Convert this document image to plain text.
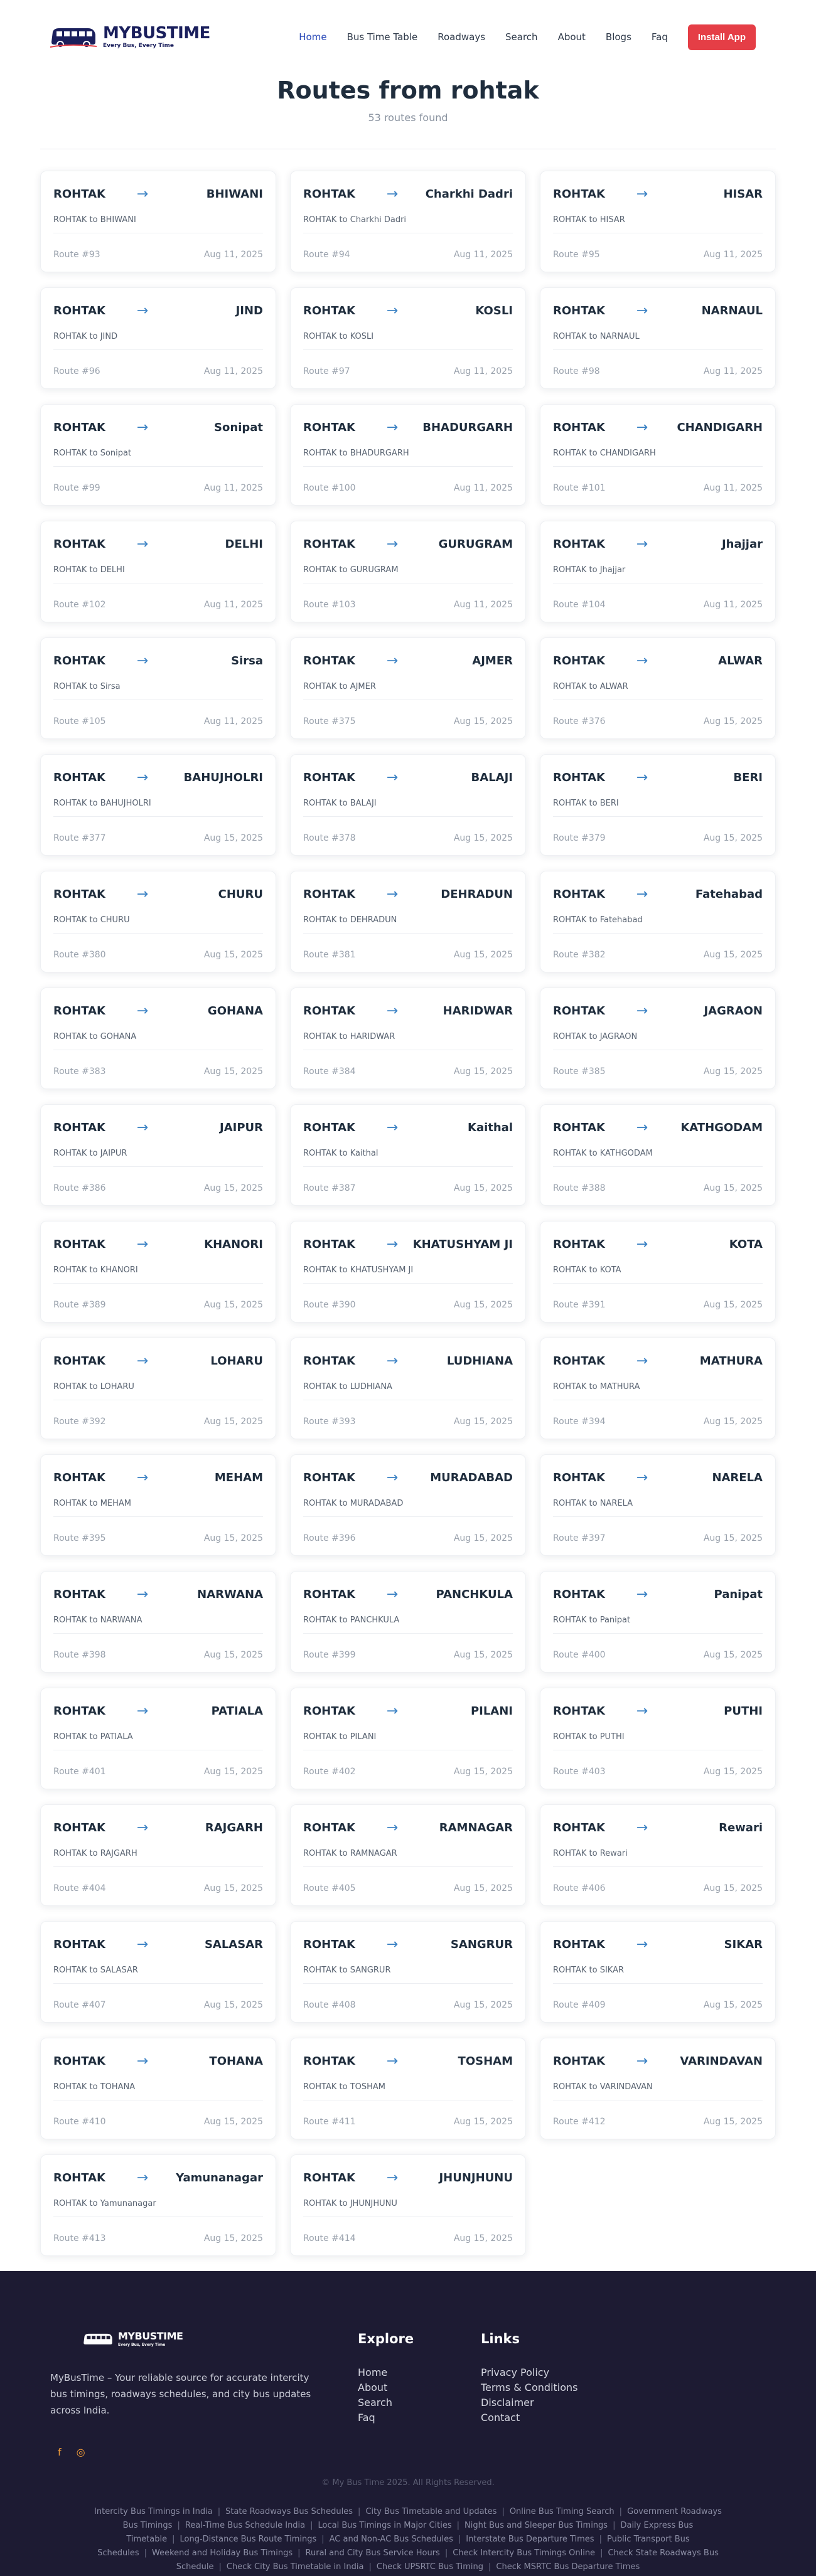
MYBUSTIME
Every Bus, Every Time
Home Bus Time Table Roadways Search About Blogs Faq	Install App
Routes from rohtak

53 routes found

ROHTAK	→	BHIWANI
ROHTAK to BHIWANI
Route #93	Aug 11, 2025
ROHTAK	→	Charkhi Dadri
ROHTAK to Charkhi Dadri
Route #94	Aug 11, 2025
ROHTAK	→	HISAR
ROHTAK to HISAR
Route #95	Aug 11, 2025
ROHTAK	→	JIND
ROHTAK to JIND
Route #96	Aug 11, 2025
ROHTAK	→	KOSLI
ROHTAK to KOSLI
Route #97	Aug 11, 2025
ROHTAK	→	NARNAUL
ROHTAK to NARNAUL
Route #98	Aug 11, 2025
ROHTAK	→	Sonipat
ROHTAK to Sonipat
Route #99	Aug 11, 2025
ROHTAK	→	BHADURGARH
ROHTAK to BHADURGARH
Route #100	Aug 11, 2025
ROHTAK	→	CHANDIGARH
ROHTAK to CHANDIGARH
Route #101	Aug 11, 2025
ROHTAK	→	DELHI
ROHTAK to DELHI
Route #102	Aug 11, 2025
ROHTAK	→	GURUGRAM
ROHTAK to GURUGRAM
Route #103	Aug 11, 2025
ROHTAK	→	Jhajjar
ROHTAK to Jhajjar
Route #104	Aug 11, 2025
ROHTAK	→	Sirsa
ROHTAK to Sirsa
Route #105	Aug 11, 2025
ROHTAK	→	AJMER
ROHTAK to AJMER
Route #375	Aug 15, 2025
ROHTAK	→	ALWAR
ROHTAK to ALWAR
Route #376	Aug 15, 2025
ROHTAK	→	BAHUJHOLRI
ROHTAK to BAHUJHOLRI
Route #377	Aug 15, 2025
ROHTAK	→	BALAJI
ROHTAK to BALAJI
Route #378	Aug 15, 2025
ROHTAK	→	BERI
ROHTAK to BERI
Route #379	Aug 15, 2025
ROHTAK	→	CHURU
ROHTAK to CHURU
Route #380	Aug 15, 2025
ROHTAK	→	DEHRADUN
ROHTAK to DEHRADUN
Route #381	Aug 15, 2025
ROHTAK	→	Fatehabad
ROHTAK to Fatehabad
Route #382	Aug 15, 2025
ROHTAK	→	GOHANA
ROHTAK to GOHANA
Route #383	Aug 15, 2025
ROHTAK	→	HARIDWAR
ROHTAK to HARIDWAR
Route #384	Aug 15, 2025
ROHTAK	→	JAGRAON
ROHTAK to JAGRAON
Route #385	Aug 15, 2025
ROHTAK	→	JAIPUR
ROHTAK to JAIPUR
Route #386	Aug 15, 2025
ROHTAK	→	Kaithal
ROHTAK to Kaithal
Route #387	Aug 15, 2025
ROHTAK	→	KATHGODAM
ROHTAK to KATHGODAM
Route #388	Aug 15, 2025
ROHTAK	→	KHANORI
ROHTAK to KHANORI
Route #389	Aug 15, 2025
ROHTAK	→	KHATUSHYAM JI
ROHTAK to KHATUSHYAM JI
Route #390	Aug 15, 2025
ROHTAK	→	KOTA
ROHTAK to KOTA
Route #391	Aug 15, 2025
ROHTAK	→	LOHARU
ROHTAK to LOHARU
Route #392	Aug 15, 2025
ROHTAK	→	LUDHIANA
ROHTAK to LUDHIANA
Route #393	Aug 15, 2025
ROHTAK	→	MATHURA
ROHTAK to MATHURA
Route #394	Aug 15, 2025
ROHTAK	→	MEHAM
ROHTAK to MEHAM
Route #395	Aug 15, 2025
ROHTAK	→	MURADABAD
ROHTAK to MURADABAD
Route #396	Aug 15, 2025
ROHTAK	→	NARELA
ROHTAK to NARELA
Route #397	Aug 15, 2025
ROHTAK	→	NARWANA
ROHTAK to NARWANA
Route #398	Aug 15, 2025
ROHTAK	→	PANCHKULA
ROHTAK to PANCHKULA
Route #399	Aug 15, 2025
ROHTAK	→	Panipat
ROHTAK to Panipat
Route #400	Aug 15, 2025
ROHTAK	→	PATIALA
ROHTAK to PATIALA
Route #401	Aug 15, 2025
ROHTAK	→	PILANI
ROHTAK to PILANI
Route #402	Aug 15, 2025
ROHTAK	→	PUTHI
ROHTAK to PUTHI
Route #403	Aug 15, 2025
ROHTAK	→	RAJGARH
ROHTAK to RAJGARH
Route #404	Aug 15, 2025
ROHTAK	→	RAMNAGAR
ROHTAK to RAMNAGAR
Route #405	Aug 15, 2025
ROHTAK	→	Rewari
ROHTAK to Rewari
Route #406	Aug 15, 2025
ROHTAK	→	SALASAR
ROHTAK to SALASAR
Route #407	Aug 15, 2025
ROHTAK	→	SANGRUR
ROHTAK to SANGRUR
Route #408	Aug 15, 2025
ROHTAK	→	SIKAR
ROHTAK to SIKAR
Route #409	Aug 15, 2025
ROHTAK	→	TOHANA
ROHTAK to TOHANA
Route #410	Aug 15, 2025
ROHTAK	→	TOSHAM
ROHTAK to TOSHAM
Route #411	Aug 15, 2025
ROHTAK	→	VARINDAVAN
ROHTAK to VARINDAVAN
Route #412	Aug 15, 2025
ROHTAK	→	Yamunanagar
ROHTAK to Yamunanagar
Route #413	Aug 15, 2025
ROHTAK	→	JHUNJHUNU
ROHTAK to JHUNJHUNU
Route #414	Aug 15, 2025
MYBUSTIME
Every Bus, Every Time

MyBusTime – Your reliable source for accurate intercity bus timings, roadways schedules, and city bus updates across India.

f ◎
Explore
Home
About
Search
Faq
Links
Privacy Policy
Terms & Conditions
Disclaimer
Contact

© My Bus Time 2025. All Rights Reserved.

Intercity Bus Timings in India | State Roadways Bus Schedules | City Bus Timetable and Updates | Online Bus Timing Search | Government Roadways Bus Timings | Real-Time Bus Schedule India | Local Bus Timings in Major Cities | Night Bus and Sleeper Bus Timings | Daily Express Bus Timetable | Long-Distance Bus Route Timings | AC and Non-AC Bus Schedules | Interstate Bus Departure Times | Public Transport Bus Schedules | Weekend and Holiday Bus Timings | Rural and City Bus Service Hours | Check Intercity Bus Timings Online | Check State Roadways Bus Schedule | Check City Bus Timetable in India | Check UPSRTC Bus Timing | Check MSRTC Bus Departure Times
